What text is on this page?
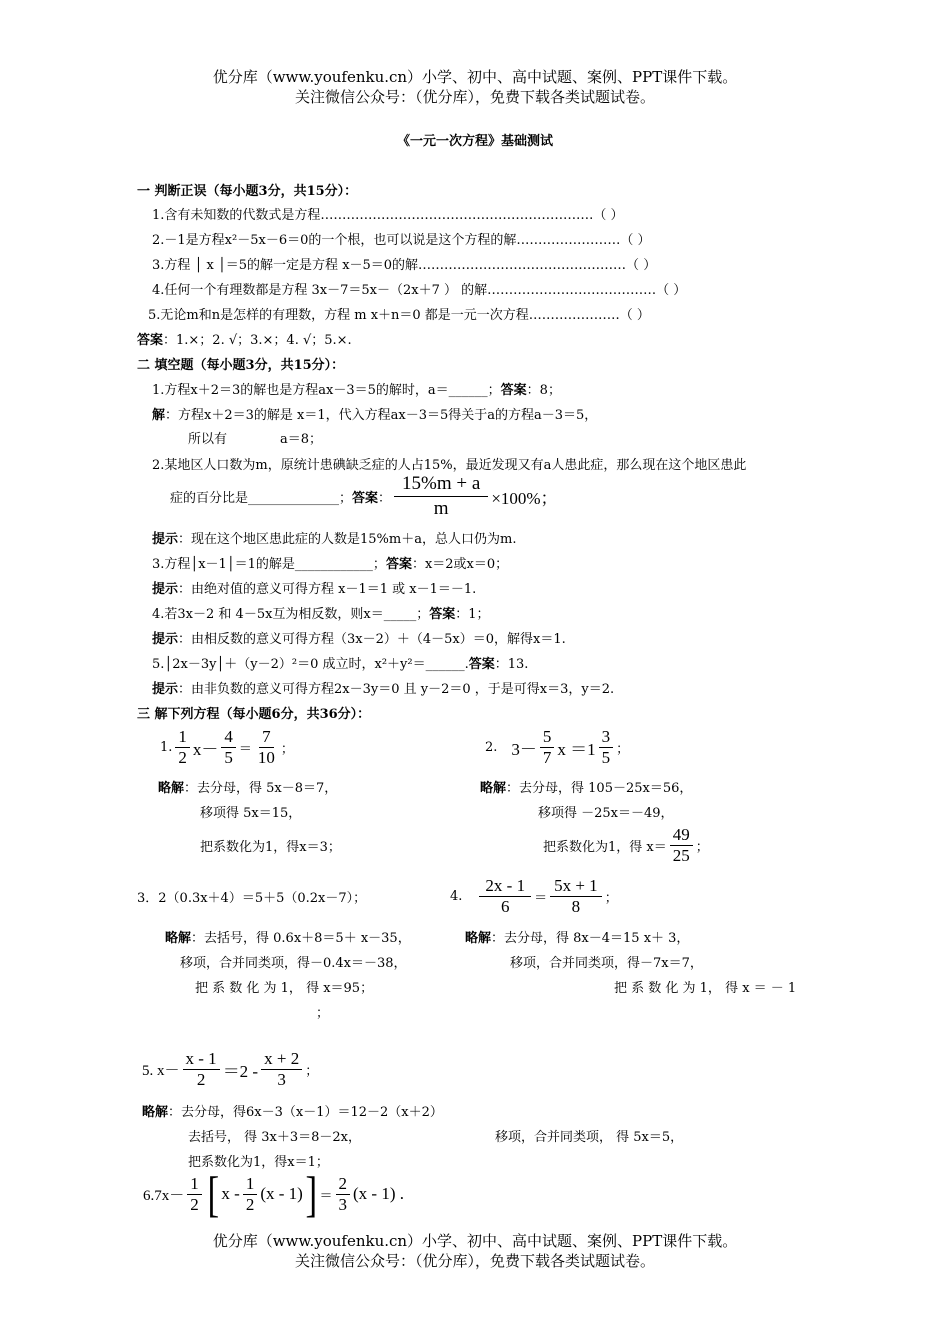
优分库（www.youfenku.cn）小学、初中、高中试题、案例、PPT课件下载。
关注微信公众号：（优分库），免费下载各类试题试卷。
《一元一次方程》基础测试
一 判断正误（每小题3分，共15分）：
1.含有未知数的代数式是方程………………………………………………………（ ）
2.－1是方程x²－5x－6＝0的一个根，也可以说是这个方程的解……………………（ ）
3.方程 │ x │＝5的解一定是方程 x－5＝0的解…………………………………………（ ）
4.任何一个有理数都是方程 3x－7＝5x－（2x＋7 ） 的解…………………………………（ ）
5.无论m和n是怎样的有理数，方程 m x＋n＝0 都是一元一次方程…………………（ ）
答案：1.×；2. √；3.×；4. √；5.×.
二 填空题（每小题3分，共15分）：
1.方程x＋2＝3的解也是方程ax－3＝5的解时，a＝______；答案：8；
解：方程x＋2＝3的解是 x＝1，代入方程ax－3＝5得关于a的方程a－3＝5，
所以有	a＝8；
2.某地区人口数为m，原统计患碘缺乏症的人占15%，最近发现又有a人患此症，那么现在这个地区患此
症的百分比是______________； 答案 ： $\frac{15\%m + a}{m} \times 100\%$；
提示：现在这个地区患此症的人数是15%m＋a，总人口仍为m.
3.方程│x－1│＝1的解是____________；答案：x＝2或x＝0；
提示：由绝对值的意义可得方程 x－1＝1 或 x－1＝－1.
4.若3x－2 和 4－5x互为相反数，则x＝_____；答案：1；
提示：由相反数的意义可得方程（3x－2）＋（4－5x）＝0，解得x＝1.
5.│2x－3y│＋（y－2）²＝0 成立时，x²＋y²＝______.答案：13.
提示：由非负数的意义可得方程2x－3y＝0 且 y－2＝0 ，于是可得x＝3，y＝2.
三 解下列方程（每小题6分，共36分）：
1. $\frac{1}{2} x- \frac{4}{5} = \frac{7}{10}$ ；
略解：去分母，得 5x－8＝7，
移项得 5x＝15，
把系数化为1，得x＝3；
2. $3- \frac{5}{7}$ $x =1 \frac{3}{5}$ ；
略解：去分母，得 105－25x＝56，
移项得 －25x＝－49，
把系数化为1，得 $x= \frac{49}{25}$ ；
3．2（0.3x＋4）＝5＋5（0.2x－7）；
略解：去括号，得 0.6x＋8＝5＋ x－35，
移项，合并同类项，得－0.4x＝－38，
把 系 数 化 为 1， 得 x＝95；
；
4. $\frac{2x - 1}{6} = \frac{5x + 1}{8}$ ；
略解：去分母，得 8x－4＝15 x＋ 3，
移项，合并同类项，得－7x＝7，
把 系 数 化 为 1， 得 x ＝ － 1
5. $x- \frac{x - 1}{2} =2 - \frac{x + 2}{3}$ ；
略解：去分母，得6x－3（x－1）＝12－2（x＋2）
去括号， 得 3x＋3＝8－2x，	移项，合并同类项， 得 5x＝5，
把系数化为1，得x＝1；
$6.7x- \frac{1}{2}$ [ x - $\frac{1}{2} (x - 1)$ ] ＝ $\frac{2}{3} (x - 1)$ .
优分库（www.youfenku.cn）小学、初中、高中试题、案例、PPT课件下载。
关注微信公众号：（优分库），免费下载各类试题试卷。
